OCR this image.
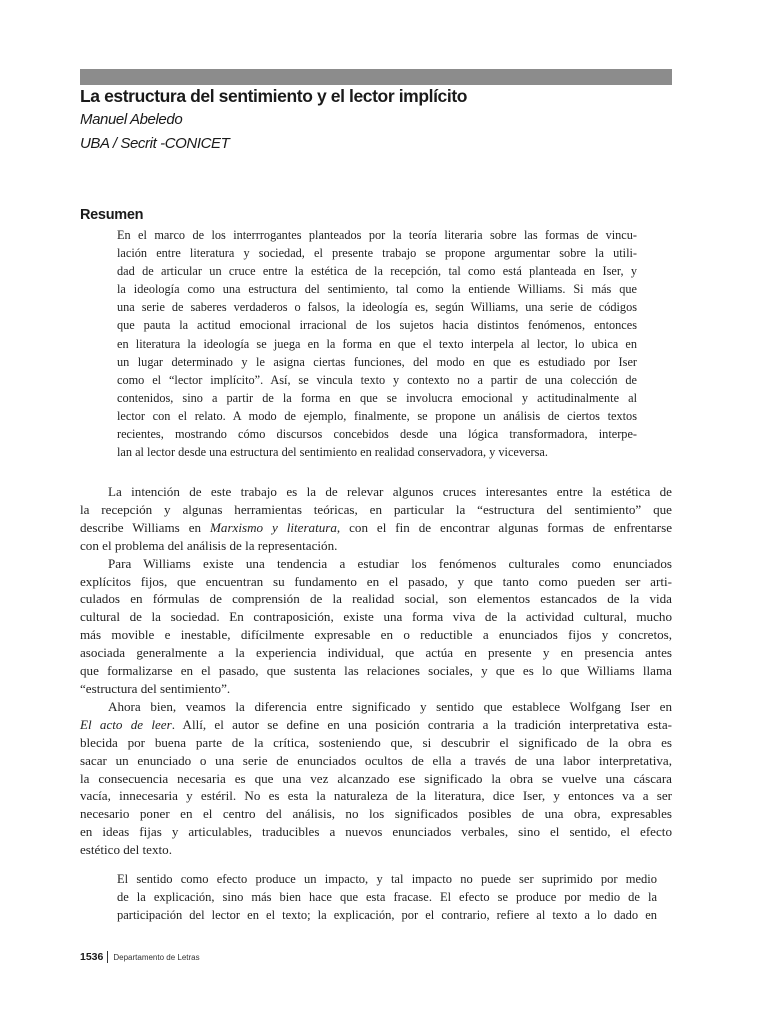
La estructura del sentimiento y el lector implícito
Manuel Abeledo
UBA / Secrit -CONICET
Resumen
En el marco de los interrrogantes planteados por la teoría literaria sobre las formas de vincu-
lación entre literatura y sociedad, el presente trabajo se propone argumentar sobre la utili-
dad de articular un cruce entre la estética de la recepción, tal como está planteada en Iser, y
la ideología como una estructura del sentimiento, tal como la entiende Williams. Si más que
una serie de saberes verdaderos o falsos, la ideología es, según Williams, una serie de códigos
que pauta la actitud emocional irracional de los sujetos hacia distintos fenómenos, entonces
en literatura la ideología se juega en la forma en que el texto interpela al lector, lo ubica en
un lugar determinado y le asigna ciertas funciones, del modo en que es estudiado por Iser
como el “lector implícito”. Así, se vincula texto y contexto no a partir de una colección de
contenidos, sino a partir de la forma en que se involucra emocional y actitudinalmente al
lector con el relato. A modo de ejemplo, finalmente, se propone un análisis de ciertos textos
recientes, mostrando cómo discursos concebidos desde una lógica transformadora, interpe-
lan al lector desde una estructura del sentimiento en realidad conservadora, y viceversa.
La intención de este trabajo es la de relevar algunos cruces interesantes entre la estética de
la recepción y algunas herramientas teóricas, en particular la “estructura del sentimiento” que
describe Williams en Marxismo y literatura, con el fin de encontrar algunas formas de enfrentarse
con el problema del análisis de la representación.
Para Williams existe una tendencia a estudiar los fenómenos culturales como enunciados
explícitos fijos, que encuentran su fundamento en el pasado, y que tanto como pueden ser arti-
culados en fórmulas de comprensión de la realidad social, son elementos estancados de la vida
cultural de la sociedad. En contraposición, existe una forma viva de la actividad cultural, mucho
más movible e inestable, difícilmente expresable en o reductible a enunciados fijos y concretos,
asociada generalmente a la experiencia individual, que actúa en presente y en presencia antes
que formalizarse en el pasado, que sustenta las relaciones sociales, y que es lo que Williams llama
“estructura del sentimiento”.
Ahora bien, veamos la diferencia entre significado y sentido que establece Wolfgang Iser en
El acto de leer. Allí, el autor se define en una posición contraria a la tradición interpretativa esta-
blecida por buena parte de la crítica, sosteniendo que, si descubrir el significado de la obra es
sacar un enunciado o una serie de enunciados ocultos de ella a través de una labor interpretativa,
la consecuencia necesaria es que una vez alcanzado ese significado la obra se vuelve una cáscara
vacía, innecesaria y estéril. No es esta la naturaleza de la literatura, dice Iser, y entonces va a ser
necesario poner en el centro del análisis, no los significados posibles de una obra, expresables
en ideas fijas y articulables, traducibles a nuevos enunciados verbales, sino el sentido, el efecto
estético del texto.
El sentido como efecto produce un impacto, y tal impacto no puede ser suprimido por medio
de la explicación, sino más bien hace que esta fracase. El efecto se produce por medio de la
participación del lector en el texto; la explicación, por el contrario, refiere al texto a lo dado en
1536 Departamento de Letras
